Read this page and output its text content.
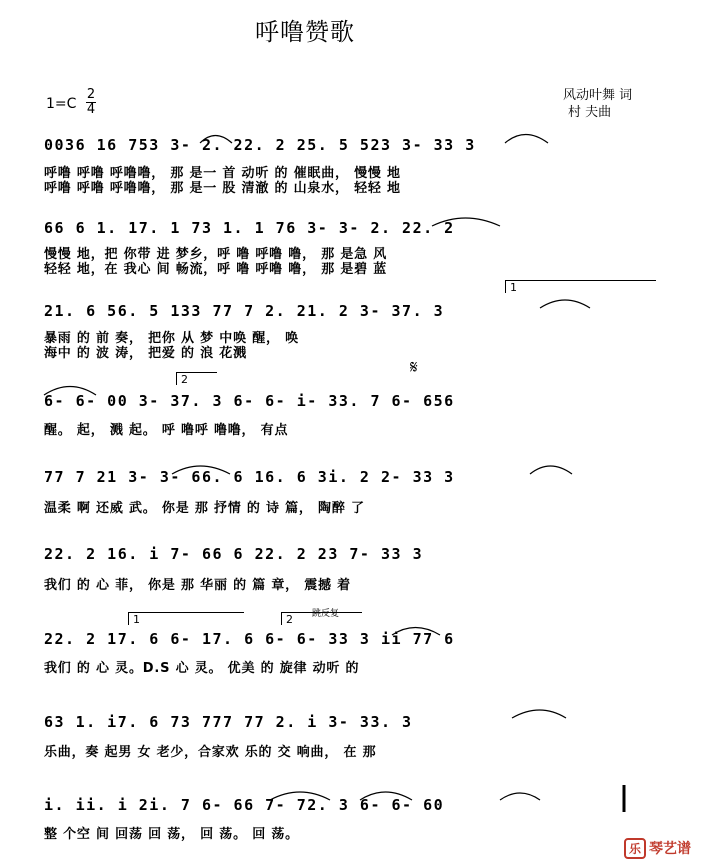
呼噜赞歌
风动叶舞 词
村 夫曲
1=C
2
4
1
2
1	2 跳反复
𝄋
0036 16 753 3- 2. 22. 2 25. 5 523 3- 33 3
呼噜 呼噜 呼噜噜， 那 是一 首 动听 的 催眠曲， 慢慢 地
呼噜 呼噜 呼噜噜， 那 是一 股 清澈 的 山泉水， 轻轻 地
66 6 1. 17. 1 73 1. 1 76 3- 3- 2. 22. 2
慢慢 地，把 你带 进 梦乡，呼 噜 呼噜 噜， 那 是急 风
轻轻 地，在 我心 间 畅流，呼 噜 呼噜 噜， 那 是碧 蓝
21. 6 56. 5 133 77 7 2. 21. 2 3- 37. 3
暴雨 的 前 奏， 把你 从 梦 中唤 醒， 唤
海中 的 波 涛， 把爱 的 浪 花溅
6- 6- 00 3- 37. 3 6- 6- i- 33. 7 6- 656
醒。 起， 溅 起。 呼 噜呼 噜噜， 有点
77 7 21 3- 3- 66. 6 16. 6 3i. 2 2- 33 3
温柔 啊 还威 武。 你是 那 抒情 的 诗 篇， 陶醉 了
22. 2 16. i 7- 66 6 22. 2 23 7- 33 3
我们 的 心 菲， 你是 那 华丽 的 篇 章， 震撼 着
22. 2 17. 6 6- 17. 6 6- 6- 33 3 ii 77 6
我们 的 心 灵。D.S 心 灵。 优美 的 旋律 动听 的
63 1. i7. 6 73 777 77 2. i 3- 33. 3
乐曲，奏 起男 女 老少，合家欢 乐的 交 响曲， 在 那
i. ii. i 2i. 7 6- 66 7- 72. 3 6- 6- 60
整 个空 间 回荡 回 荡， 回 荡。 回 荡。
乐 琴艺谱
